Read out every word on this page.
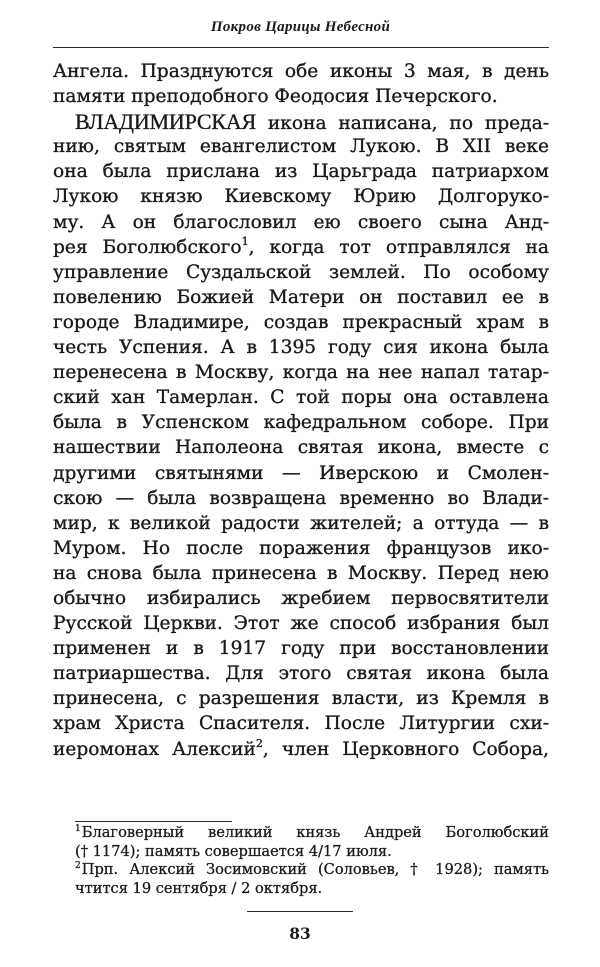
Покров Царицы Небесной
Ангела. Празднуются обе иконы 3 мая, в день
памяти преподобного Феодосия Печерского.
ВЛАДИМИРСКАЯ икона написана, по преда-
нию, святым евангелистом Лукою. В XII веке
она была прислана из Царьграда патриархом
Лукою князю Киевскому Юрию Долгоруко-
му. А он благословил ею своего сына Анд-
рея Боголюбского$^1$, когда тот отправлялся на
управление Суздальской землей. По особому
повелению Божией Матери он поставил ее в
городе Владимире, создав прекрасный храм в
честь Успения. А в 1395 году сия икона была
перенесена в Москву, когда на нее напал татар-
ский хан Тамерлан. С той поры она оставлена
была в Успенском кафедральном соборе. При
нашествии Наполеона святая икона, вместе с
другими святынями — Иверскою и Смолен-
скою — была возвращена временно во Влади-
мир, к великой радости жителей; а оттуда — в
Муром. Но после поражения французов ико-
на снова была принесена в Москву. Перед нею
обычно избирались жребием первосвятители
Русской Церкви. Этот же способ избрания был
применен и в 1917 году при восстановлении
патриаршества. Для этого святая икона была
принесена, с разрешения власти, из Кремля в
храм Христа Спасителя. После Литургии схи-
иеромонах Алексий$^2$, член Церковного Собора,
$^1$Благоверный великий князь Андрей Боголюбский
(† 1174); память совершается 4/17 июля.
$^2$Прп. Алексий Зосимовский (Соловьев, † 1928); память
чтится 19 сентября / 2 октября.
83
